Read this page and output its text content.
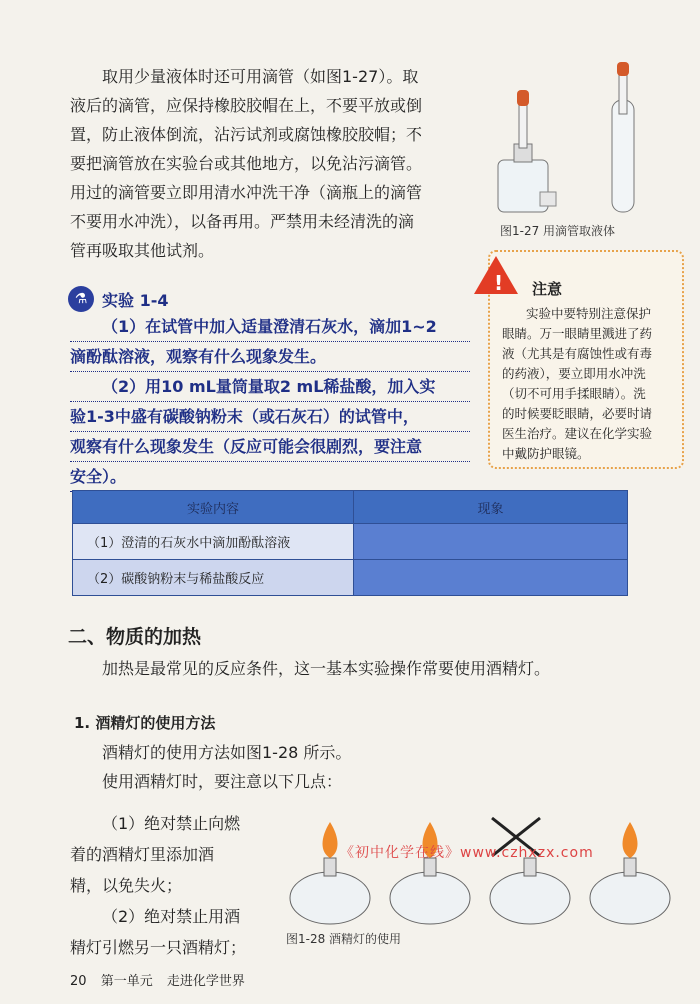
取用少量液体时还可用滴管（如图1-27）。取
液后的滴管，应保持橡胶胶帽在上，不要平放或倒
置，防止液体倒流，沾污试剂或腐蚀橡胶胶帽；不
要把滴管放在实验台或其他地方，以免沾污滴管。
用过的滴管要立即用清水冲洗干净（滴瓶上的滴管
不要用水冲洗），以备再用。严禁用未经清洗的滴
管再吸取其他试剂。
图1-27 用滴管取液体
⚗ 实验 1-4
（1）在试管中加入适量澄清石灰水，滴加1~2
滴酚酞溶液，观察有什么现象发生。
（2）用10 mL量筒量取2 mL稀盐酸，加入实
验1-3中盛有碳酸钠粉末（或石灰石）的试管中，
观察有什么现象发生（反应可能会很剧烈，要注意
安全）。
! 注意
实验中要特别注意保护
眼睛。万一眼睛里溅进了药
液（尤其是有腐蚀性或有毒
的药液），要立即用水冲洗
（切不可用手揉眼睛）。洗
的时候要眨眼睛，必要时请
医生治疗。建议在化学实验
中戴防护眼镜。
实验内容	现象
（1）澄清的石灰水中滴加酚酞溶液	
（2）碳酸钠粉末与稀盐酸反应	
二、物质的加热
加热是最常见的反应条件，这一基本实验操作常要使用酒精灯。
1. 酒精灯的使用方法
酒精灯的使用方法如图1-28 所示。
使用酒精灯时，要注意以下几点：
（1）绝对禁止向燃
着的酒精灯里添加酒
精，以免失火；
（2）绝对禁止用酒
精灯引燃另一只酒精灯；	图1-28 酒精灯的使用
《初中化学在线》www.czhxzx.com
20 第一单元 走进化学世界
